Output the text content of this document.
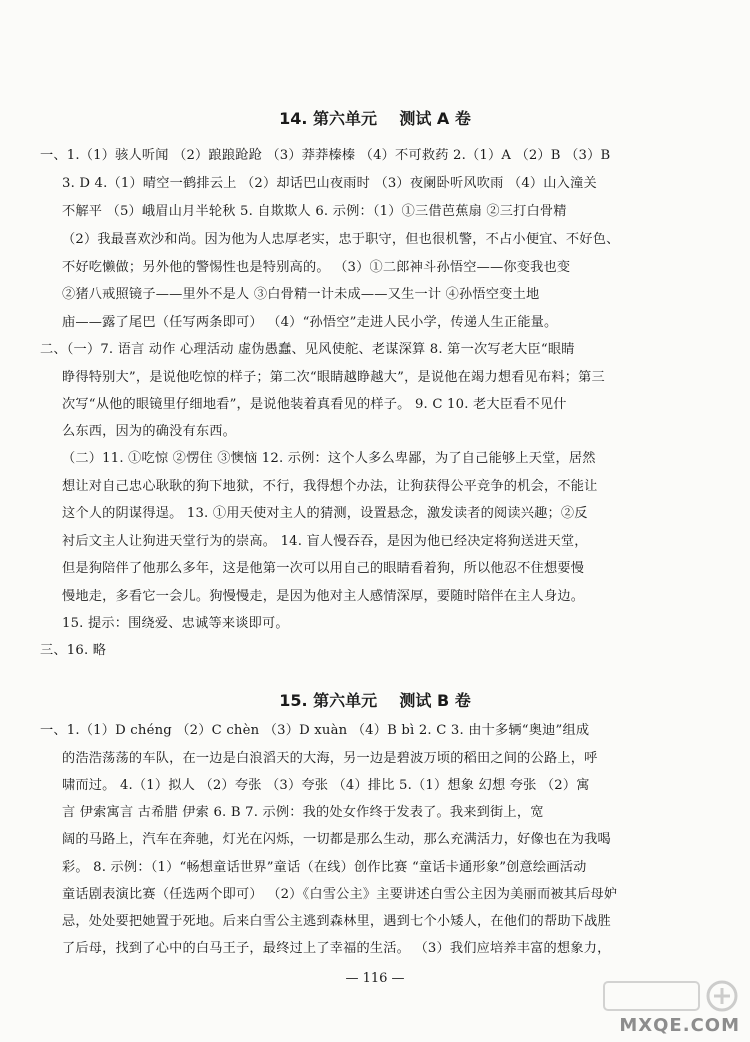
14. 第六单元    测试 A 卷
一、1.（1）骇人听闻 （2）踉踉跄跄 （3）莽莽榛榛 （4）不可救药 2.（1）A （2）B （3）B
3. D 4.（1）晴空一鹤排云上 （2）却话巴山夜雨时 （3）夜阑卧听风吹雨 （4）山入潼关
不解平 （5）峨眉山月半轮秋 5. 自欺欺人 6. 示例：（1）①三借芭蕉扇 ②三打白骨精
（2）我最喜欢沙和尚。因为他为人忠厚老实，忠于职守，但也很机警，不占小便宜、不好色、
不好吃懒做；另外他的警惕性也是特别高的。 （3）①二郎神斗孙悟空——你变我也变
②猪八戒照镜子——里外不是人 ③白骨精一计未成——又生一计 ④孙悟空变土地
庙——露了尾巴（任写两条即可） （4）“孙悟空”走进人民小学，传递人生正能量。
二、（一）7. 语言 动作 心理活动 虚伪愚蠢、见风使舵、老谋深算 8. 第一次写老大臣“眼睛
睁得特别大”，是说他吃惊的样子；第二次“眼睛越睁越大”，是说他在竭力想看见布料；第三
次写“从他的眼镜里仔细地看”，是说他装着真看见的样子。 9. C 10. 老大臣看不见什
么东西，因为的确没有东西。
（二）11. ①吃惊 ②愣住 ③懊恼 12. 示例：这个人多么卑鄙，为了自己能够上天堂，居然
想让对自己忠心耿耿的狗下地狱，不行，我得想个办法，让狗获得公平竞争的机会，不能让
这个人的阴谋得逞。 13. ①用天使对主人的猜测，设置悬念，激发读者的阅读兴趣；②反
衬后文主人让狗进天堂行为的崇高。 14. 盲人慢吞吞，是因为他已经决定将狗送进天堂，
但是狗陪伴了他那么多年，这是他第一次可以用自己的眼睛看着狗，所以他忍不住想要慢
慢地走，多看它一会儿。狗慢慢走，是因为他对主人感情深厚，要随时陪伴在主人身边。
15. 提示：围绕爱、忠诚等来谈即可。
三、16. 略
15. 第六单元    测试 B 卷
一、1.（1）D chéng （2）C chèn （3）D xuàn （4）B bì 2. C 3. 由十多辆“奥迪”组成
的浩浩荡荡的车队，在一边是白浪滔天的大海，另一边是碧波万顷的稻田之间的公路上，呼
啸而过。 4.（1）拟人 （2）夸张 （3）夸张 （4）排比 5.（1）想象 幻想 夸张 （2）寓
言 伊索寓言 古希腊 伊索 6. B 7. 示例：我的处女作终于发表了。我来到街上，宽
阔的马路上，汽车在奔驰，灯光在闪烁，一切都是那么生动，那么充满活力，好像也在为我喝
彩。 8. 示例：（1）“畅想童话世界”童话（在线）创作比赛 “童话卡通形象”创意绘画活动
童话剧表演比赛（任选两个即可） （2）《白雪公主》主要讲述白雪公主因为美丽而被其后母妒
忌，处处要把她置于死地。后来白雪公主逃到森林里，遇到七个小矮人，在他们的帮助下战胜
了后母，找到了心中的白马王子，最终过上了幸福的生活。 （3）我们应培养丰富的想象力，
— 116 —
MXQE.COM
